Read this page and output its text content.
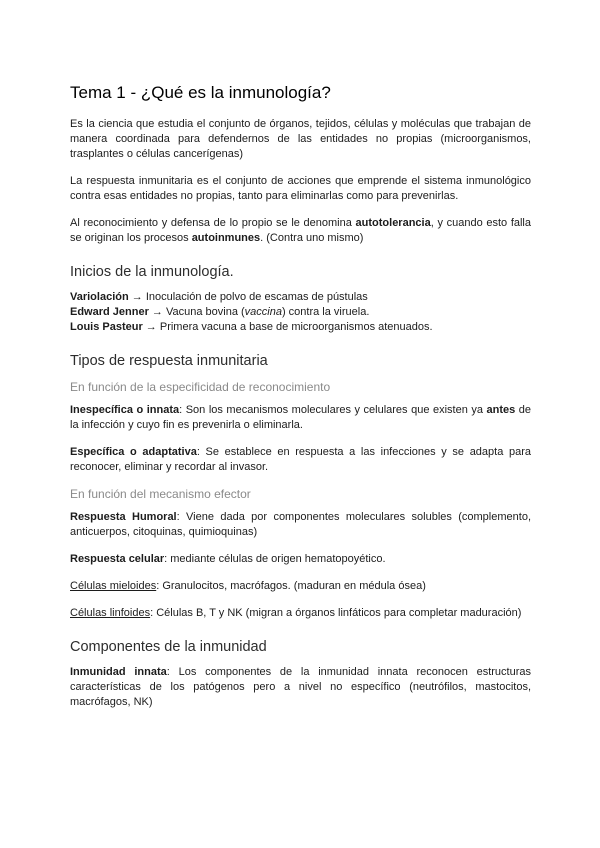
Tema 1 - ¿Qué es la inmunología?

Es la ciencia que estudia el conjunto de órganos, tejidos, células y moléculas que trabajan de manera coordinada para defendernos de las entidades no propias (microorganismos, trasplantes o células cancerígenas)

La respuesta inmunitaria es el conjunto de acciones que emprende el sistema inmunológico contra esas entidades no propias, tanto para eliminarlas como para prevenirlas.

Al reconocimiento y defensa de lo propio se le denomina autotolerancia, y cuando esto falla se originan los procesos autoinmunes. (Contra uno mismo)

Inicios de la inmunología.
Variolación → Inoculación de polvo de escamas de pústulas
Edward Jenner → Vacuna bovina (vaccina) contra la viruela.
Louis Pasteur → Primera vacuna a base de microorganismos atenuados.
Tipos de respuesta inmunitaria
En función de la especificidad de reconocimiento

Inespecífica o innata: Son los mecanismos moleculares y celulares que existen ya antes de la infección y cuyo fin es prevenirla o eliminarla.

Específica o adaptativa: Se establece en respuesta a las infecciones y se adapta para reconocer, eliminar y recordar al invasor.

En función del mecanismo efector

Respuesta Humoral: Viene dada por componentes moleculares solubles (complemento, anticuerpos, citoquinas, quimioquinas)

Respuesta celular: mediante células de origen hematopoyético.

Células mieloides: Granulocitos, macrófagos. (maduran en médula ósea)

Células linfoides: Células B, T y NK (migran a órganos linfáticos para completar maduración)

Componentes de la inmunidad

Inmunidad innata: Los componentes de la inmunidad innata reconocen estructuras características de los patógenos pero a nivel no específico (neutrófilos, mastocitos, macrófagos, NK)
